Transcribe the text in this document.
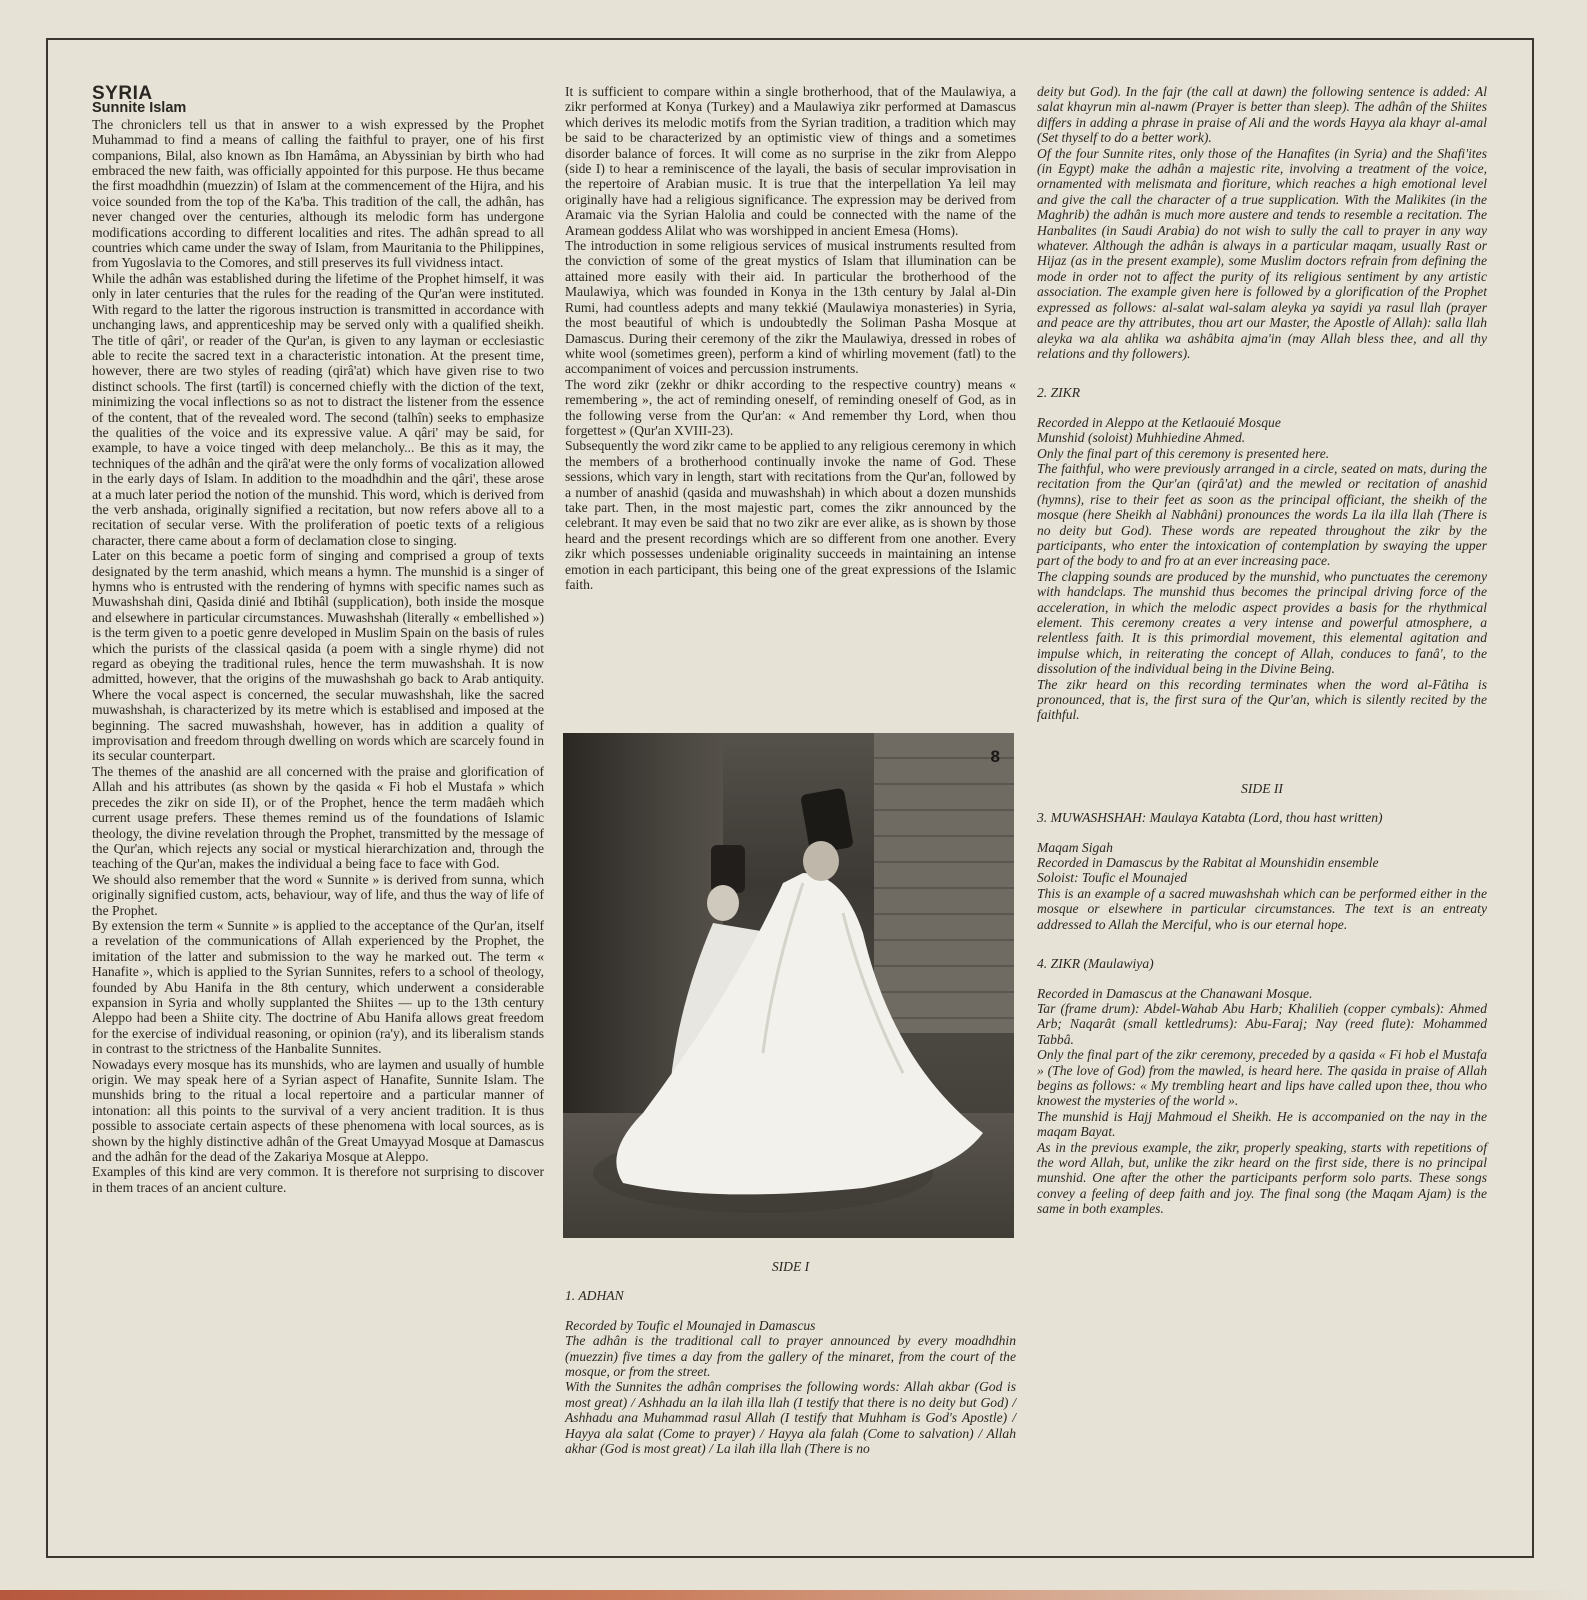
SYRIA

Sunnite Islam

The chroniclers tell us that in answer to a wish expressed by the Prophet Muhammad to find a means of calling the faithful to prayer, one of his first companions, Bilal, also known as Ibn Hamâma, an Abyssinian by birth who had embraced the new faith, was officially appointed for this purpose. He thus became the first moadhdhin (muezzin) of Islam at the commencement of the Hijra, and his voice sounded from the top of the Ka'ba. This tradition of the call, the adhân, has never changed over the centuries, although its melodic form has undergone modifications according to different localities and rites. The adhân spread to all countries which came under the sway of Islam, from Mauritania to the Philippines, from Yugoslavia to the Comores, and still preserves its full vividness intact.

While the adhân was established during the lifetime of the Prophet himself, it was only in later centuries that the rules for the reading of the Qur'an were instituted. With regard to the latter the rigorous instruction is transmitted in accordance with unchanging laws, and apprenticeship may be served only with a qualified sheikh. The title of qâri', or reader of the Qur'an, is given to any layman or ecclesiastic able to recite the sacred text in a characteristic intonation. At the present time, however, there are two styles of reading (qirâ'at) which have given rise to two distinct schools. The first (tartîl) is concerned chiefly with the diction of the text, minimizing the vocal inflections so as not to distract the listener from the essence of the content, that of the revealed word. The second (talhîn) seeks to emphasize the qualities of the voice and its expressive value. A qâri' may be said, for example, to have a voice tinged with deep melancholy... Be this as it may, the techniques of the adhân and the qirâ'at were the only forms of vocalization allowed in the early days of Islam. In addition to the moadhdhin and the qâri', these arose at a much later period the notion of the munshid. This word, which is derived from the verb anshada, originally signified a recitation, but now refers above all to a recitation of secular verse. With the proliferation of poetic texts of a religious character, there came about a form of declamation close to singing.

Later on this became a poetic form of singing and comprised a group of texts designated by the term anashid, which means a hymn. The munshid is a singer of hymns who is entrusted with the rendering of hymns with specific names such as Muwashshah dini, Qasida dinié and Ibtihâl (supplication), both inside the mosque and elsewhere in particular circumstances. Muwashshah (literally « embellished ») is the term given to a poetic genre developed in Muslim Spain on the basis of rules which the purists of the classical qasida (a poem with a single rhyme) did not regard as obeying the traditional rules, hence the term muwashshah. It is now admitted, however, that the origins of the muwashshah go back to Arab antiquity. Where the vocal aspect is concerned, the secular muwashshah, like the sacred muwashshah, is characterized by its metre which is establised and imposed at the beginning. The sacred muwashshah, however, has in addition a quality of improvisation and freedom through dwelling on words which are scarcely found in its secular counterpart.

The themes of the anashid are all concerned with the praise and glorification of Allah and his attributes (as shown by the qasida « Fi hob el Mustafa » which precedes the zikr on side II), or of the Prophet, hence the term madâeh which current usage prefers. These themes remind us of the foundations of Islamic theology, the divine revelation through the Prophet, transmitted by the message of the Qur'an, which rejects any social or mystical hierarchization and, through the teaching of the Qur'an, makes the individual a being face to face with God.

We should also remember that the word « Sunnite » is derived from sunna, which originally signified custom, acts, behaviour, way of life, and thus the way of life of the Prophet.

By extension the term « Sunnite » is applied to the acceptance of the Qur'an, itself a revelation of the communications of Allah experienced by the Prophet, the imitation of the latter and submission to the way he marked out. The term « Hanafite », which is applied to the Syrian Sunnites, refers to a school of theology, founded by Abu Hanifa in the 8th century, which underwent a considerable expansion in Syria and wholly supplanted the Shiites — up to the 13th century Aleppo had been a Shiite city. The doctrine of Abu Hanifa allows great freedom for the exercise of individual reasoning, or opinion (ra'y), and its liberalism stands in contrast to the strictness of the Hanbalite Sunnites.

Nowadays every mosque has its munshids, who are laymen and usually of humble origin. We may speak here of a Syrian aspect of Hanafite, Sunnite Islam. The munshids bring to the ritual a local repertoire and a particular manner of intonation: all this points to the survival of a very ancient tradition. It is thus possible to associate certain aspects of these phenomena with local sources, as is shown by the highly distinctive adhân of the Great Umayyad Mosque at Damascus and the adhân for the dead of the Zakariya Mosque at Aleppo.

Examples of this kind are very common. It is therefore not surprising to discover in them traces of an ancient culture.

It is sufficient to compare within a single brotherhood, that of the Maulawiya, a zikr performed at Konya (Turkey) and a Maulawiya zikr performed at Damascus which derives its melodic motifs from the Syrian tradition, a tradition which may be said to be characterized by an optimistic view of things and a sometimes disorder balance of forces. It will come as no surprise in the zikr from Aleppo (side I) to hear a reminiscence of the layali, the basis of secular improvisation in the repertoire of Arabian music. It is true that the interpellation Ya leil may originally have had a religious significance. The expression may be derived from Aramaic via the Syrian Halolia and could be connected with the name of the Aramean goddess Alilat who was worshipped in ancient Emesa (Homs).

The introduction in some religious services of musical instruments resulted from the conviction of some of the great mystics of Islam that illumination can be attained more easily with their aid. In particular the brotherhood of the Maulawiya, which was founded in Konya in the 13th century by Jalal al-Din Rumi, had countless adepts and many tekkié (Maulawiya monasteries) in Syria, the most beautiful of which is undoubtedly the Soliman Pasha Mosque at Damascus. During their ceremony of the zikr the Maulawiya, dressed in robes of white wool (sometimes green), perform a kind of whirling movement (fatl) to the accompaniment of voices and percussion instruments.

The word zikr (zekhr or dhikr according to the respective country) means « remembering », the act of reminding oneself, of reminding oneself of God, as in the following verse from the Qur'an: « And remember thy Lord, when thou forgettest » (Qur'an XVIII-23).

Subsequently the word zikr came to be applied to any religious ceremony in which the members of a brotherhood continually invoke the name of God. These sessions, which vary in length, start with recitations from the Qur'an, followed by a number of anashid (qasida and muwashshah) in which about a dozen munshids take part. Then, in the most majestic part, comes the zikr announced by the celebrant. It may even be said that no two zikr are ever alike, as is shown by those heard and the present recordings which are so different from one another. Every zikr which possesses undeniable originality succeeds in maintaining an intense emotion in each participant, this being one of the great expressions of the Islamic faith.

8

SIDE I

1. ADHAN

Recorded by Toufic el Mounajed in Damascus

The adhân is the traditional call to prayer announced by every moadhdhin (muezzin) five times a day from the gallery of the minaret, from the court of the mosque, or from the street.

With the Sunnites the adhân comprises the following words: Allah akbar (God is most great) / Ashhadu an la ilah illa llah (I testify that there is no deity but God) / Ashhadu ana Muhammad rasul Allah (I testify that Muhham is God's Apostle) / Hayya ala salat (Come to prayer) / Hayya ala falah (Come to salvation) / Allah akhar (God is most great) / La ilah illa llah (There is no

deity but God). In the fajr (the call at dawn) the following sentence is added: Al salat khayrun min al-nawm (Prayer is better than sleep). The adhân of the Shiites differs in adding a phrase in praise of Ali and the words Hayya ala khayr al-amal (Set thyself to do a better work).

Of the four Sunnite rites, only those of the Hanafites (in Syria) and the Shafi'ites (in Egypt) make the adhân a majestic rite, involving a treatment of the voice, ornamented with melismata and fioriture, which reaches a high emotional level and give the call the character of a true supplication. With the Malikites (in the Maghrib) the adhân is much more austere and tends to resemble a recitation. The Hanbalites (in Saudi Arabia) do not wish to sully the call to prayer in any way whatever. Although the adhân is always in a particular maqam, usually Rast or Hijaz (as in the present example), some Muslim doctors refrain from defining the mode in order not to affect the purity of its religious sentiment by any artistic association. The example given here is followed by a glorification of the Prophet expressed as follows: al-salat wal-salam aleyka ya sayidi ya rasul llah (prayer and peace are thy attributes, thou art our Master, the Apostle of Allah): salla llah aleyka wa ala ahlika wa ashâbita ajma'in (may Allah bless thee, and all thy relations and thy followers).

2. ZIKR

Recorded in Aleppo at the Ketlaouié Mosque

Munshid (soloist) Muhhiedine Ahmed.

Only the final part of this ceremony is presented here.

The faithful, who were previously arranged in a circle, seated on mats, during the recitation from the Qur'an (qirâ'at) and the mewled or recitation of anashid (hymns), rise to their feet as soon as the principal officiant, the sheikh of the mosque (here Sheikh al Nabhâni) pronounces the words La ila illa llah (There is no deity but God). These words are repeated throughout the zikr by the participants, who enter the intoxication of contemplation by swaying the upper part of the body to and fro at an ever increasing pace.

The clapping sounds are produced by the munshid, who punctuates the ceremony with handclaps. The munshid thus becomes the principal driving force of the acceleration, in which the melodic aspect provides a basis for the rhythmical element. This ceremony creates a very intense and powerful atmosphere, a relentless faith. It is this primordial movement, this elemental agitation and impulse which, in reiterating the concept of Allah, conduces to fanâ', to the dissolution of the individual being in the Divine Being.

The zikr heard on this recording terminates when the word al-Fâtiha is pronounced, that is, the first sura of the Qur'an, which is silently recited by the faithful.

SIDE II

3. MUWASHSHAH: Maulaya Katabta (Lord, thou hast written)

Maqam Sigah

Recorded in Damascus by the Rabitat al Mounshidin ensemble

Soloist: Toufic el Mounajed

This is an example of a sacred muwashshah which can be performed either in the mosque or elsewhere in particular circumstances. The text is an entreaty addressed to Allah the Merciful, who is our eternal hope.

4. ZIKR (Maulawiya)

Recorded in Damascus at the Chanawani Mosque.

Tar (frame drum): Abdel-Wahab Abu Harb; Khalilieh (copper cymbals): Ahmed Arb; Naqarât (small kettledrums): Abu-Faraj; Nay (reed flute): Mohammed Tabbâ.

Only the final part of the zikr ceremony, preceded by a qasida « Fi hob el Mustafa » (The love of God) from the mawled, is heard here. The qasida in praise of Allah begins as follows: « My trembling heart and lips have called upon thee, thou who knowest the mysteries of the world ».

The munshid is Hajj Mahmoud el Sheikh. He is accompanied on the nay in the maqam Bayat.

As in the previous example, the zikr, properly speaking, starts with repetitions of the word Allah, but, unlike the zikr heard on the first side, there is no principal munshid. One after the other the participants perform solo parts. These songs convey a feeling of deep faith and joy. The final song (the Maqam Ajam) is the same in both examples.
